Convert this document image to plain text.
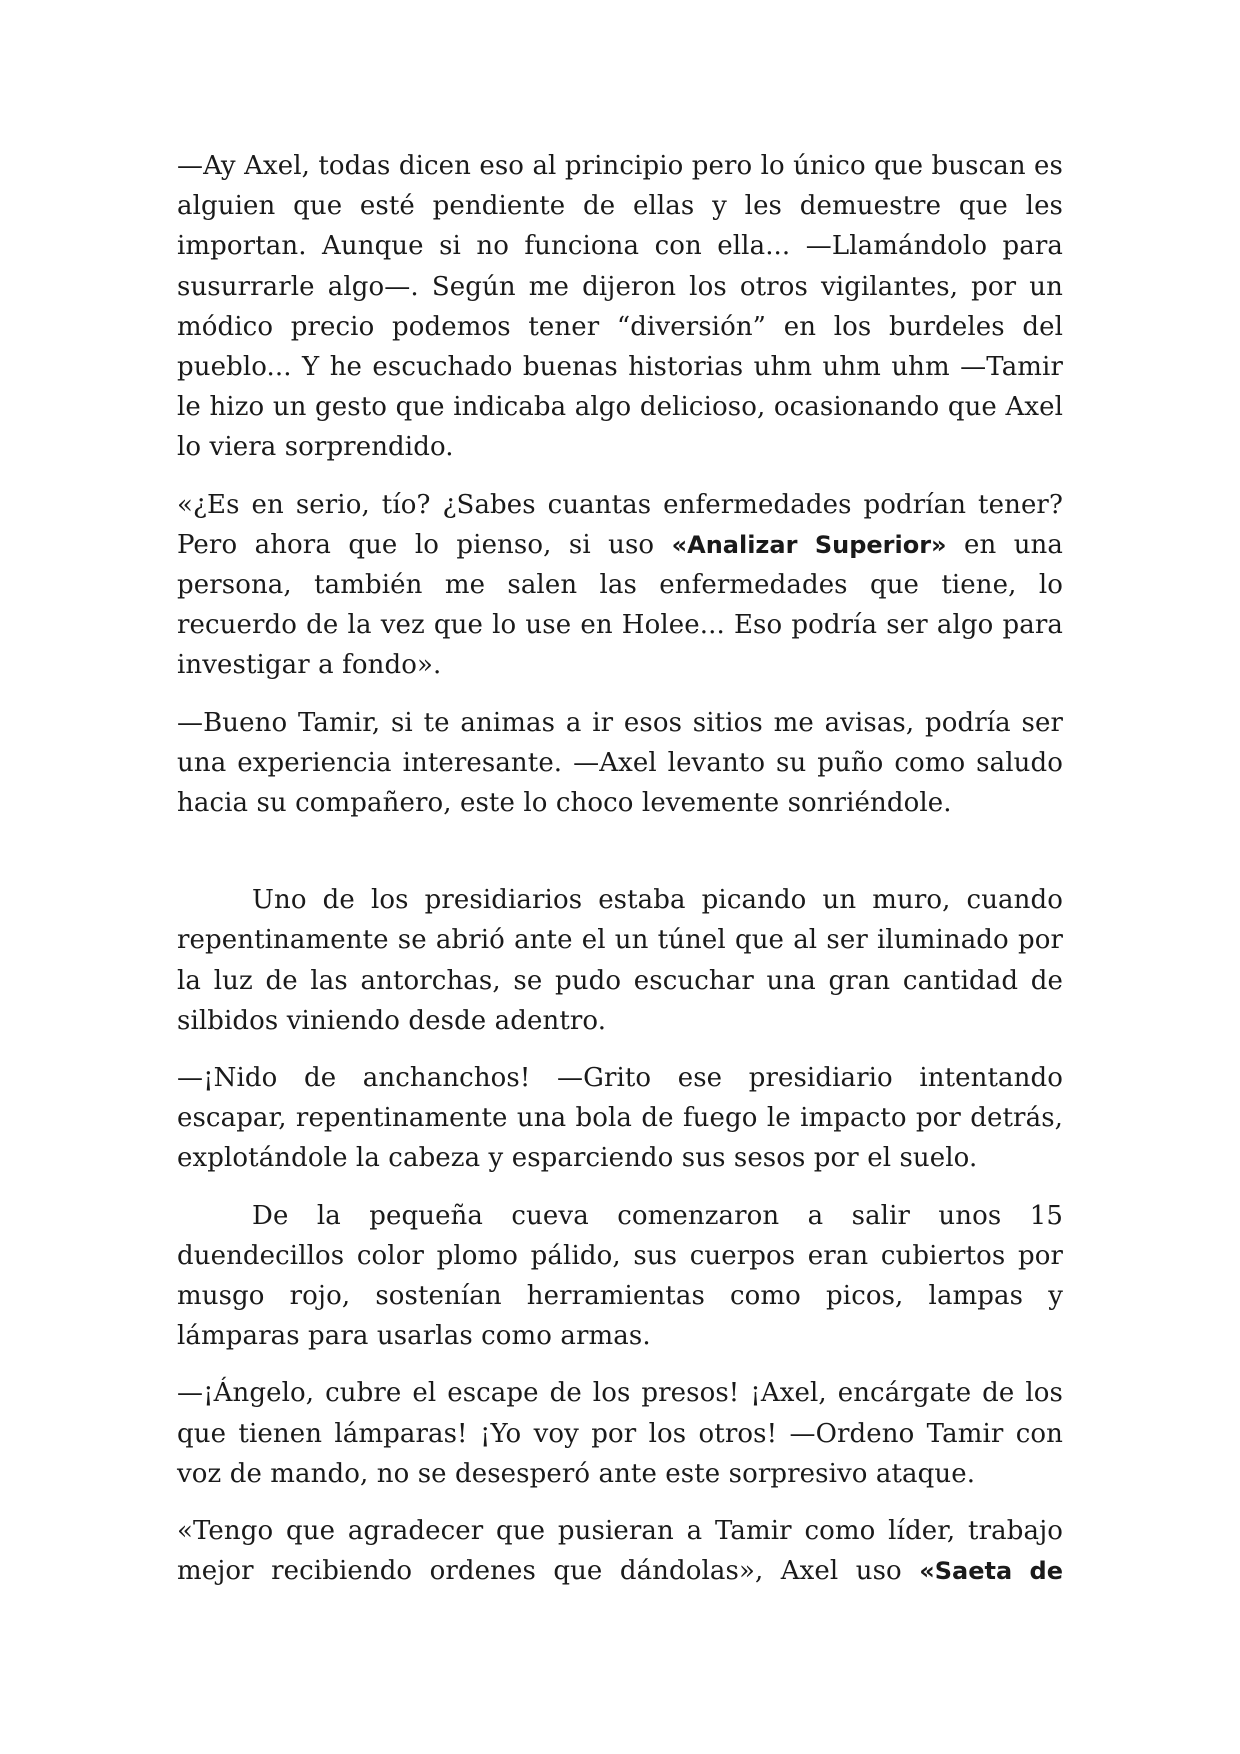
—Ay Axel, todas dicen eso al principio pero lo único que buscan es alguien que esté pendiente de ellas y les demuestre que les importan. Aunque si no funciona con ella... —Llamándolo para susurrarle algo—. Según me dijeron los otros vigilantes, por un módico precio podemos tener “diversión” en los burdeles del pueblo... Y he escuchado buenas historias uhm uhm uhm —Tamir le hizo un gesto que indicaba algo delicioso, ocasionando que Axel lo viera sorprendido.

«¿Es en serio, tío? ¿Sabes cuantas enfermedades podrían tener? Pero ahora que lo pienso, si uso «Analizar Superior» en una persona, también me salen las enfermedades que tiene, lo recuerdo de la vez que lo use en Holee... Eso podría ser algo para investigar a fondo».

—Bueno Tamir, si te animas a ir esos sitios me avisas, podría ser una experiencia interesante. —Axel levanto su puño como saludo hacia su compañero, este lo choco levemente sonriéndole.

Uno de los presidiarios estaba picando un muro, cuando repentinamente se abrió ante el un túnel que al ser iluminado por la luz de las antorchas, se pudo escuchar una gran cantidad de silbidos viniendo desde adentro.

—¡Nido de anchanchos! —Grito ese presidiario intentando escapar, repentinamente una bola de fuego le impacto por detrás, explotándole la cabeza y esparciendo sus sesos por el suelo.

De la pequeña cueva comenzaron a salir unos 15 duendecillos color plomo pálido, sus cuerpos eran cubiertos por musgo rojo, sostenían herramientas como picos, lampas y lámparas para usarlas como armas.

—¡Ángelo, cubre el escape de los presos! ¡Axel, encárgate de los que tienen lámparas! ¡Yo voy por los otros! —Ordeno Tamir con voz de mando, no se desesperó ante este sorpresivo ataque.

«Tengo que agradecer que pusieran a Tamir como líder, trabajo mejor recibiendo ordenes que dándolas», Axel uso «Saeta de
